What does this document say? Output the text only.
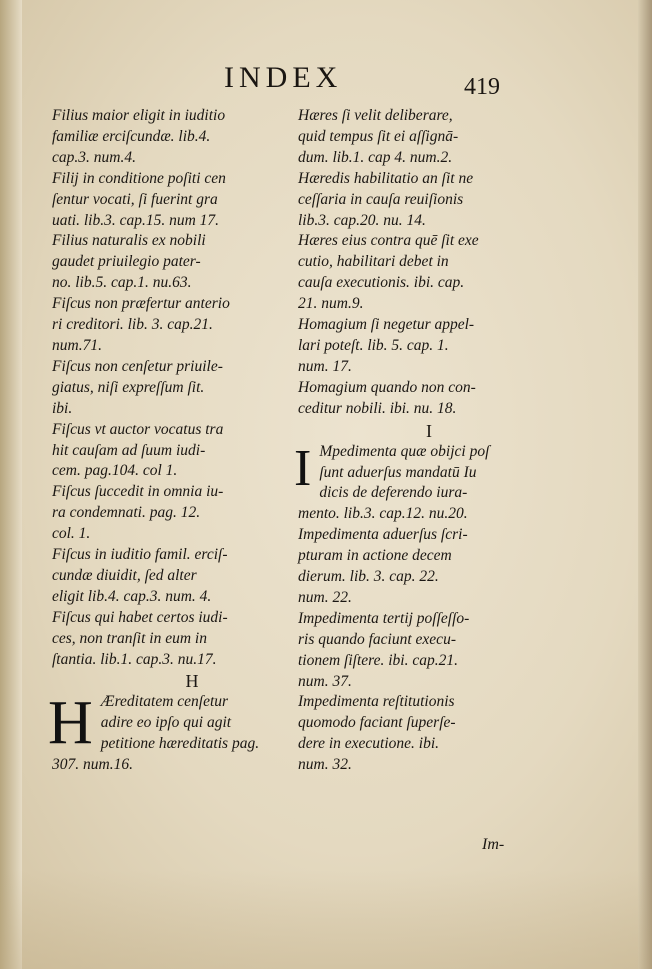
INDEX	419
Filius maior eligit in iuditio
familiæ erciſcundæ. lib.4.
cap.3. num.4.
Filij in conditione poſiti cen
ſentur vocati, ſi fuerint gra
uati. lib.3. cap.15. num 17.
Filius naturalis ex nobili
gaudet priuilegio pater-
no. lib.5. cap.1. nu.63.
Fiſcus non præfertur anterio
ri creditori. lib. 3. cap.21.
num.71.
Fiſcus non cenſetur priuile-
giatus, niſi expreſſum ſit.
ibi.
Fiſcus vt auctor vocatus tra
hit cauſam ad ſuum iudi-
cem. pag.104. col 1.
Fiſcus ſuccedit in omnia iu-
ra condemnati. pag. 12.
col. 1.
Fiſcus in iuditio famil. erciſ-
cundæ diuidit, ſed alter
eligit lib.4. cap.3. num. 4.
Fiſcus qui habet certos iudi-
ces, non tranſit in eum in
ſtantia. lib.1. cap.3. nu.17.
H
H Æreditatem cenſetur
adire eo ipſo qui agit
petitione hæreditatis pag.
307. num.16.
Hæres ſi velit deliberare,
quid tempus ſit ei aſſignā-
dum. lib.1. cap 4. num.2.
Hæredis habilitatio an ſit ne
ceſſaria in cauſa reuiſionis
lib.3. cap.20. nu. 14.
Hæres eius contra quē ſit exe
cutio, habilitari debet in
cauſa executionis. ibi. cap.
21. num.9.
Homagium ſi negetur appel-
lari poteſt. lib. 5. cap. 1.
num. 17.
Homagium quando non con-
ceditur nobili. ibi. nu. 18.
I
I Mpedimenta quæ obijci poſ
ſunt aduerſus mandatū Iu
dicis de deferendo iura-
mento. lib.3. cap.12. nu.20.
Impedimenta aduerſus ſcri-
pturam in actione decem
dierum. lib. 3. cap. 22.
num. 22.
Impedimenta tertij poſſeſſo-
ris quando faciunt execu-
tionem ſiſtere. ibi. cap.21.
num. 37.
Impedimenta reſtitutionis
quomodo faciant ſuperſe-
dere in executione. ibi.
num. 32.
Im-
